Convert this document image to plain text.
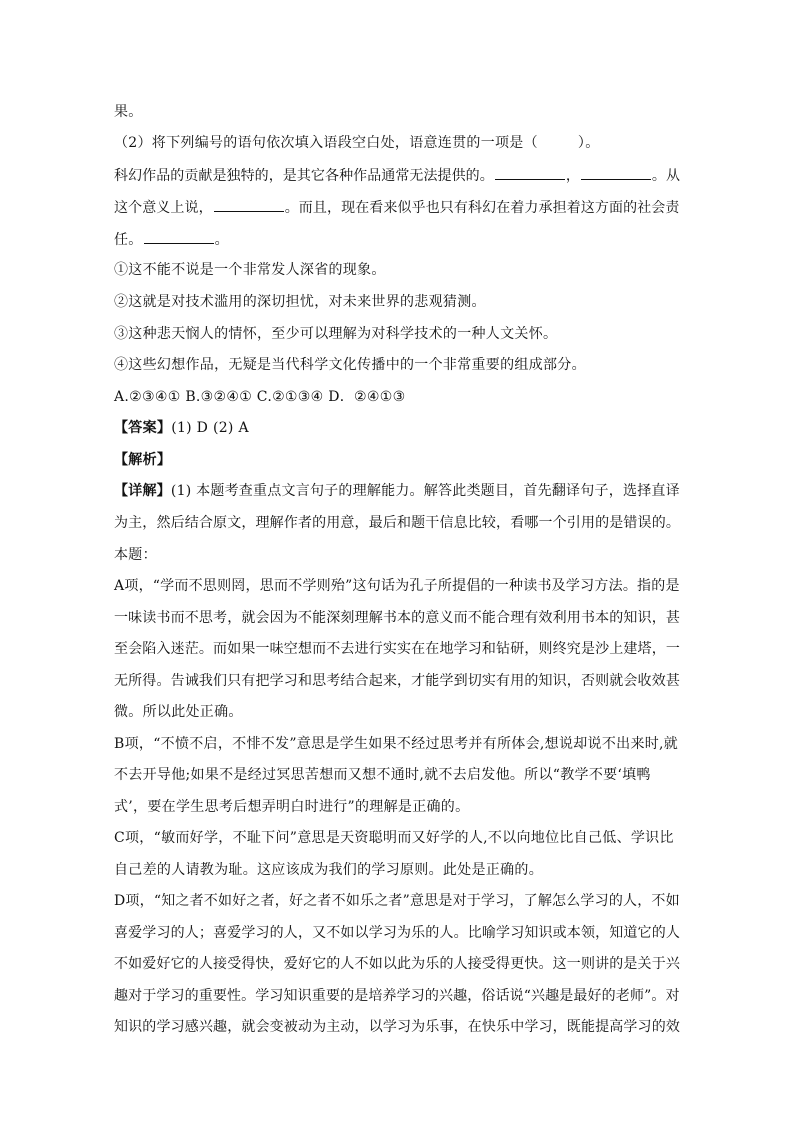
果。
（2）将下列编号的语句依次填入语段空白处，语意连贯的一项是（	）。
科幻作品的贡献是独特的，是其它各种作品通常无法提供的。	，	。从
这个意义上说，	。而且，现在看来似乎也只有科幻在着力承担着这方面的社会责
任。	。
①这不能不说是一个非常发人深省的现象。
②这就是对技术滥用的深切担忧，对未来世界的悲观猜测。
③这种悲天悯人的情怀，至少可以理解为对科学技术的一种人文关怀。
④这些幻想作品，无疑是当代科学文化传播中的一个非常重要的组成部分。
A.②③④① B.③②④① C.②①③④ D．②④①③
【答案】(1) D (2) A
【解析】
【详解】(1) 本题考查重点文言句子的理解能力。解答此类题目，首先翻译句子，选择直译
为主，然后结合原文，理解作者的用意，最后和题干信息比较，看哪一个引用的是错误的。
本题：
A项，“学而不思则罔，思而不学则殆”这句话为孔子所提倡的一种读书及学习方法。指的是
一味读书而不思考，就会因为不能深刻理解书本的意义而不能合理有效利用书本的知识，甚
至会陷入迷茫。而如果一味空想而不去进行实实在在地学习和钻研，则终究是沙上建塔，一
无所得。告诫我们只有把学习和思考结合起来，才能学到切实有用的知识，否则就会收效甚
微。所以此处正确。
B项，“不愤不启，不悱不发”意思是学生如果不经过思考并有所体会,想说却说不出来时,就
不去开导他;如果不是经过冥思苦想而又想不通时,就不去启发他。所以“教学不要‘填鸭
式’，要在学生思考后想弄明白时进行”的理解是正确的。
C项，“敏而好学，不耻下问”意思是天资聪明而又好学的人,不以向地位比自己低、学识比
自己差的人请教为耻。这应该成为我们的学习原则。此处是正确的。
D项，“知之者不如好之者，好之者不如乐之者”意思是对于学习，了解怎么学习的人，不如
喜爱学习的人；喜爱学习的人，又不如以学习为乐的人。比喻学习知识或本领，知道它的人
不如爱好它的人接受得快，爱好它的人不如以此为乐的人接受得更快。这一则讲的是关于兴
趣对于学习的重要性。学习知识重要的是培养学习的兴趣，俗话说“兴趣是最好的老师”。对
知识的学习感兴趣，就会变被动为主动，以学习为乐事，在快乐中学习，既能提高学习的效
